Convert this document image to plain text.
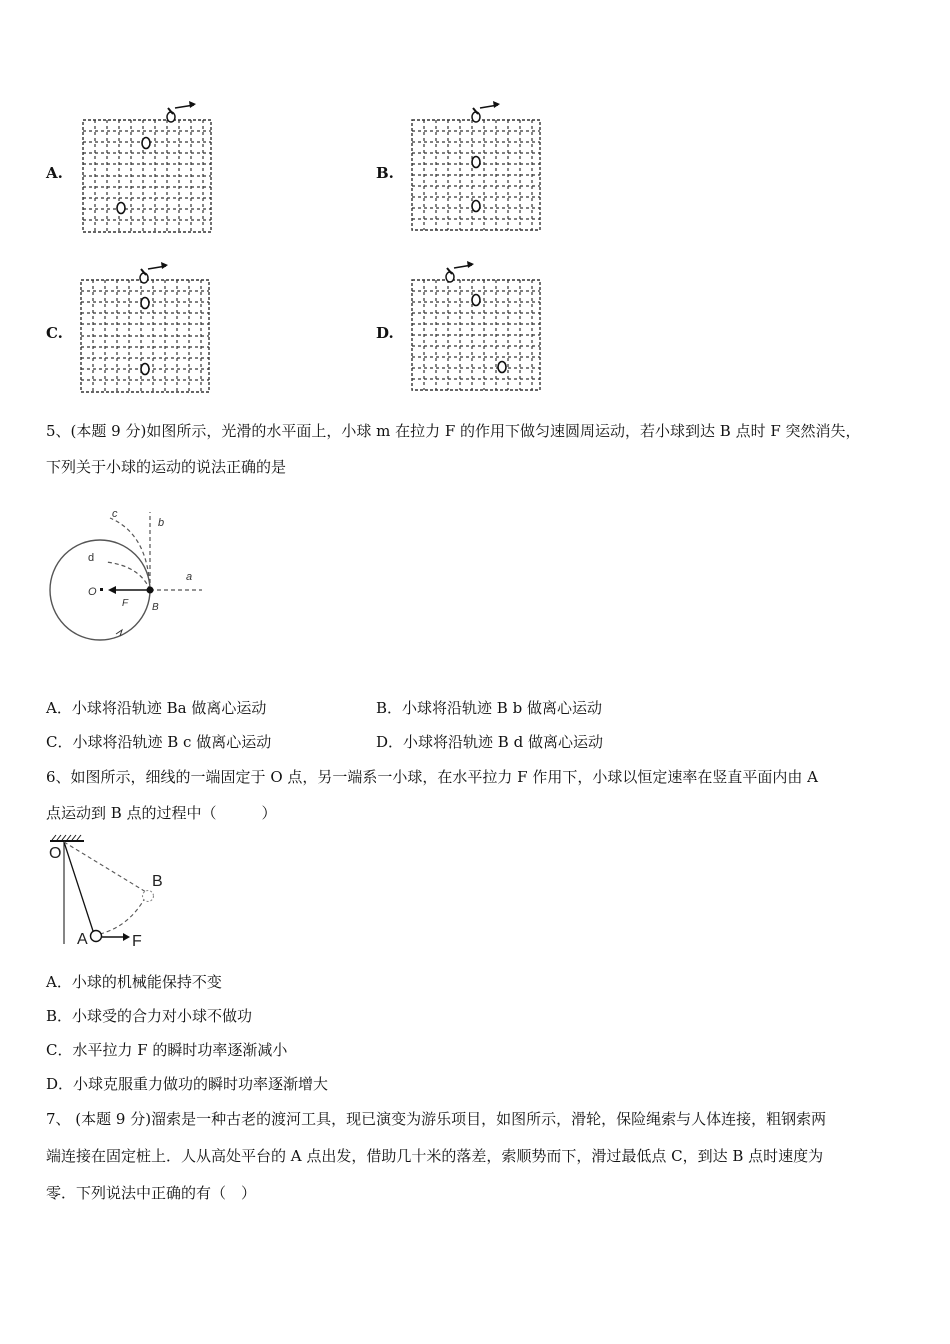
A.	B.
C.	D.
5、(本题 9 分)如图所示，光滑的水平面上，小球 m 在拉力 F 的作用下做匀速圆周运动，若小球到达 B 点时 F 突然消失，
下列关于小球的运动的说法正确的是
c
b
d
O
F B
a
A．小球将沿轨迹 Ba 做离心运动	B．小球将沿轨迹 B b 做离心运动
C．小球将沿轨迹 B c 做离心运动	D．小球将沿轨迹 B d 做离心运动
6、如图所示，细线的一端固定于 O 点，另一端系一小球，在水平拉力 F 作用下，小球以恒定速率在竖直平面内由 A
点运动到 B 点的过程中（　　　）
O
B
A	F
A．小球的机械能保持不变
B．小球受的合力对小球不做功
C．水平拉力 F 的瞬时功率逐渐减小
D．小球克服重力做功的瞬时功率逐渐增大
7、 (本题 9 分)溜索是一种古老的渡河工具，现已演变为游乐项目，如图所示，滑轮，保险绳索与人体连接，粗钢索两
端连接在固定桩上．人从高处平台的 A 点出发，借助几十米的落差，索顺势而下，滑过最低点 C，到达 B 点时速度为
零．下列说法中正确的有（　）
